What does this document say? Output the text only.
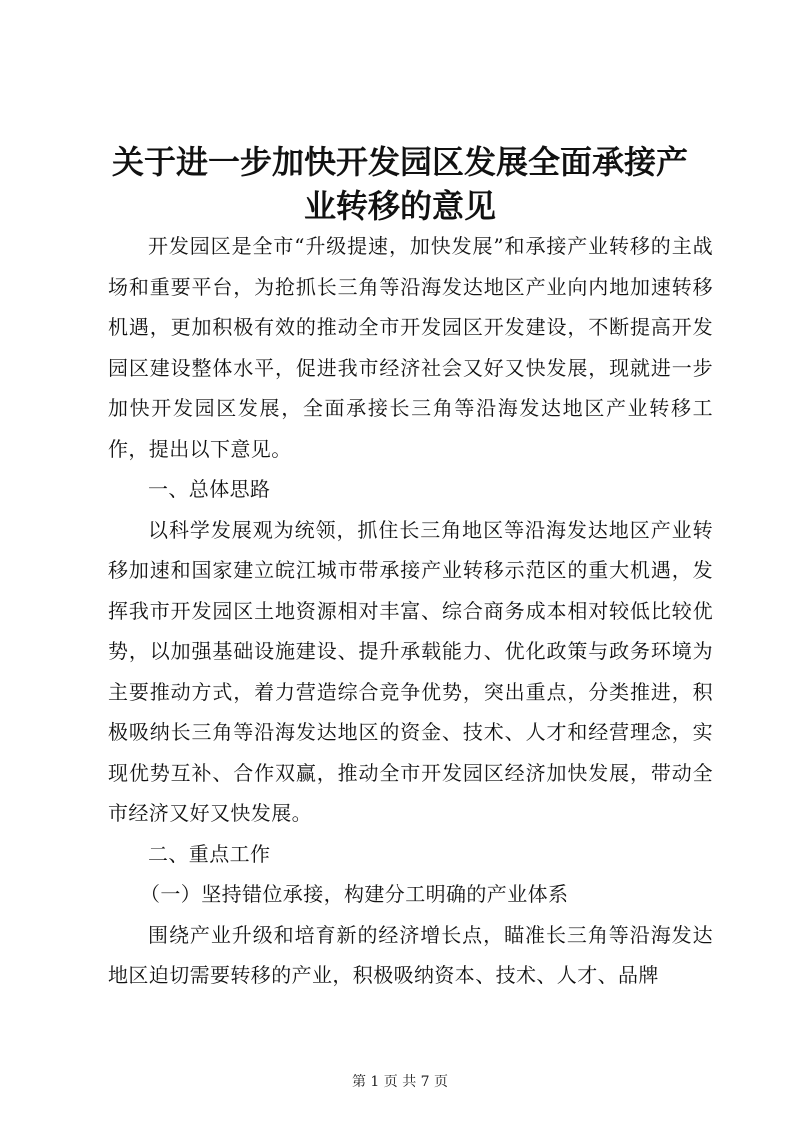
关于进一步加快开发园区发展全面承接产业转移的意见

开发园区是全市“升级提速，加快发展”和承接产业转移的主战场和重要平台，为抢抓长三角等沿海发达地区产业向内地加速转移机遇，更加积极有效的推动全市开发园区开发建设，不断提高开发园区建设整体水平，促进我市经济社会又好又快发展，现就进一步加快开发园区发展，全面承接长三角等沿海发达地区产业转移工作，提出以下意见。

一、总体思路

以科学发展观为统领，抓住长三角地区等沿海发达地区产业转移加速和国家建立皖江城市带承接产业转移示范区的重大机遇，发挥我市开发园区土地资源相对丰富、综合商务成本相对较低比较优势，以加强基础设施建设、提升承载能力、优化政策与政务环境为主要推动方式，着力营造综合竞争优势，突出重点，分类推进，积极吸纳长三角等沿海发达地区的资金、技术、人才和经营理念，实现优势互补、合作双赢，推动全市开发园区经济加快发展，带动全市经济又好又快发展。

二、重点工作

（一）坚持错位承接，构建分工明确的产业体系

围绕产业升级和培育新的经济增长点，瞄准长三角等沿海发达地区迫切需要转移的产业，积极吸纳资本、技术、人才、品牌

第 1 页 共 7 页
